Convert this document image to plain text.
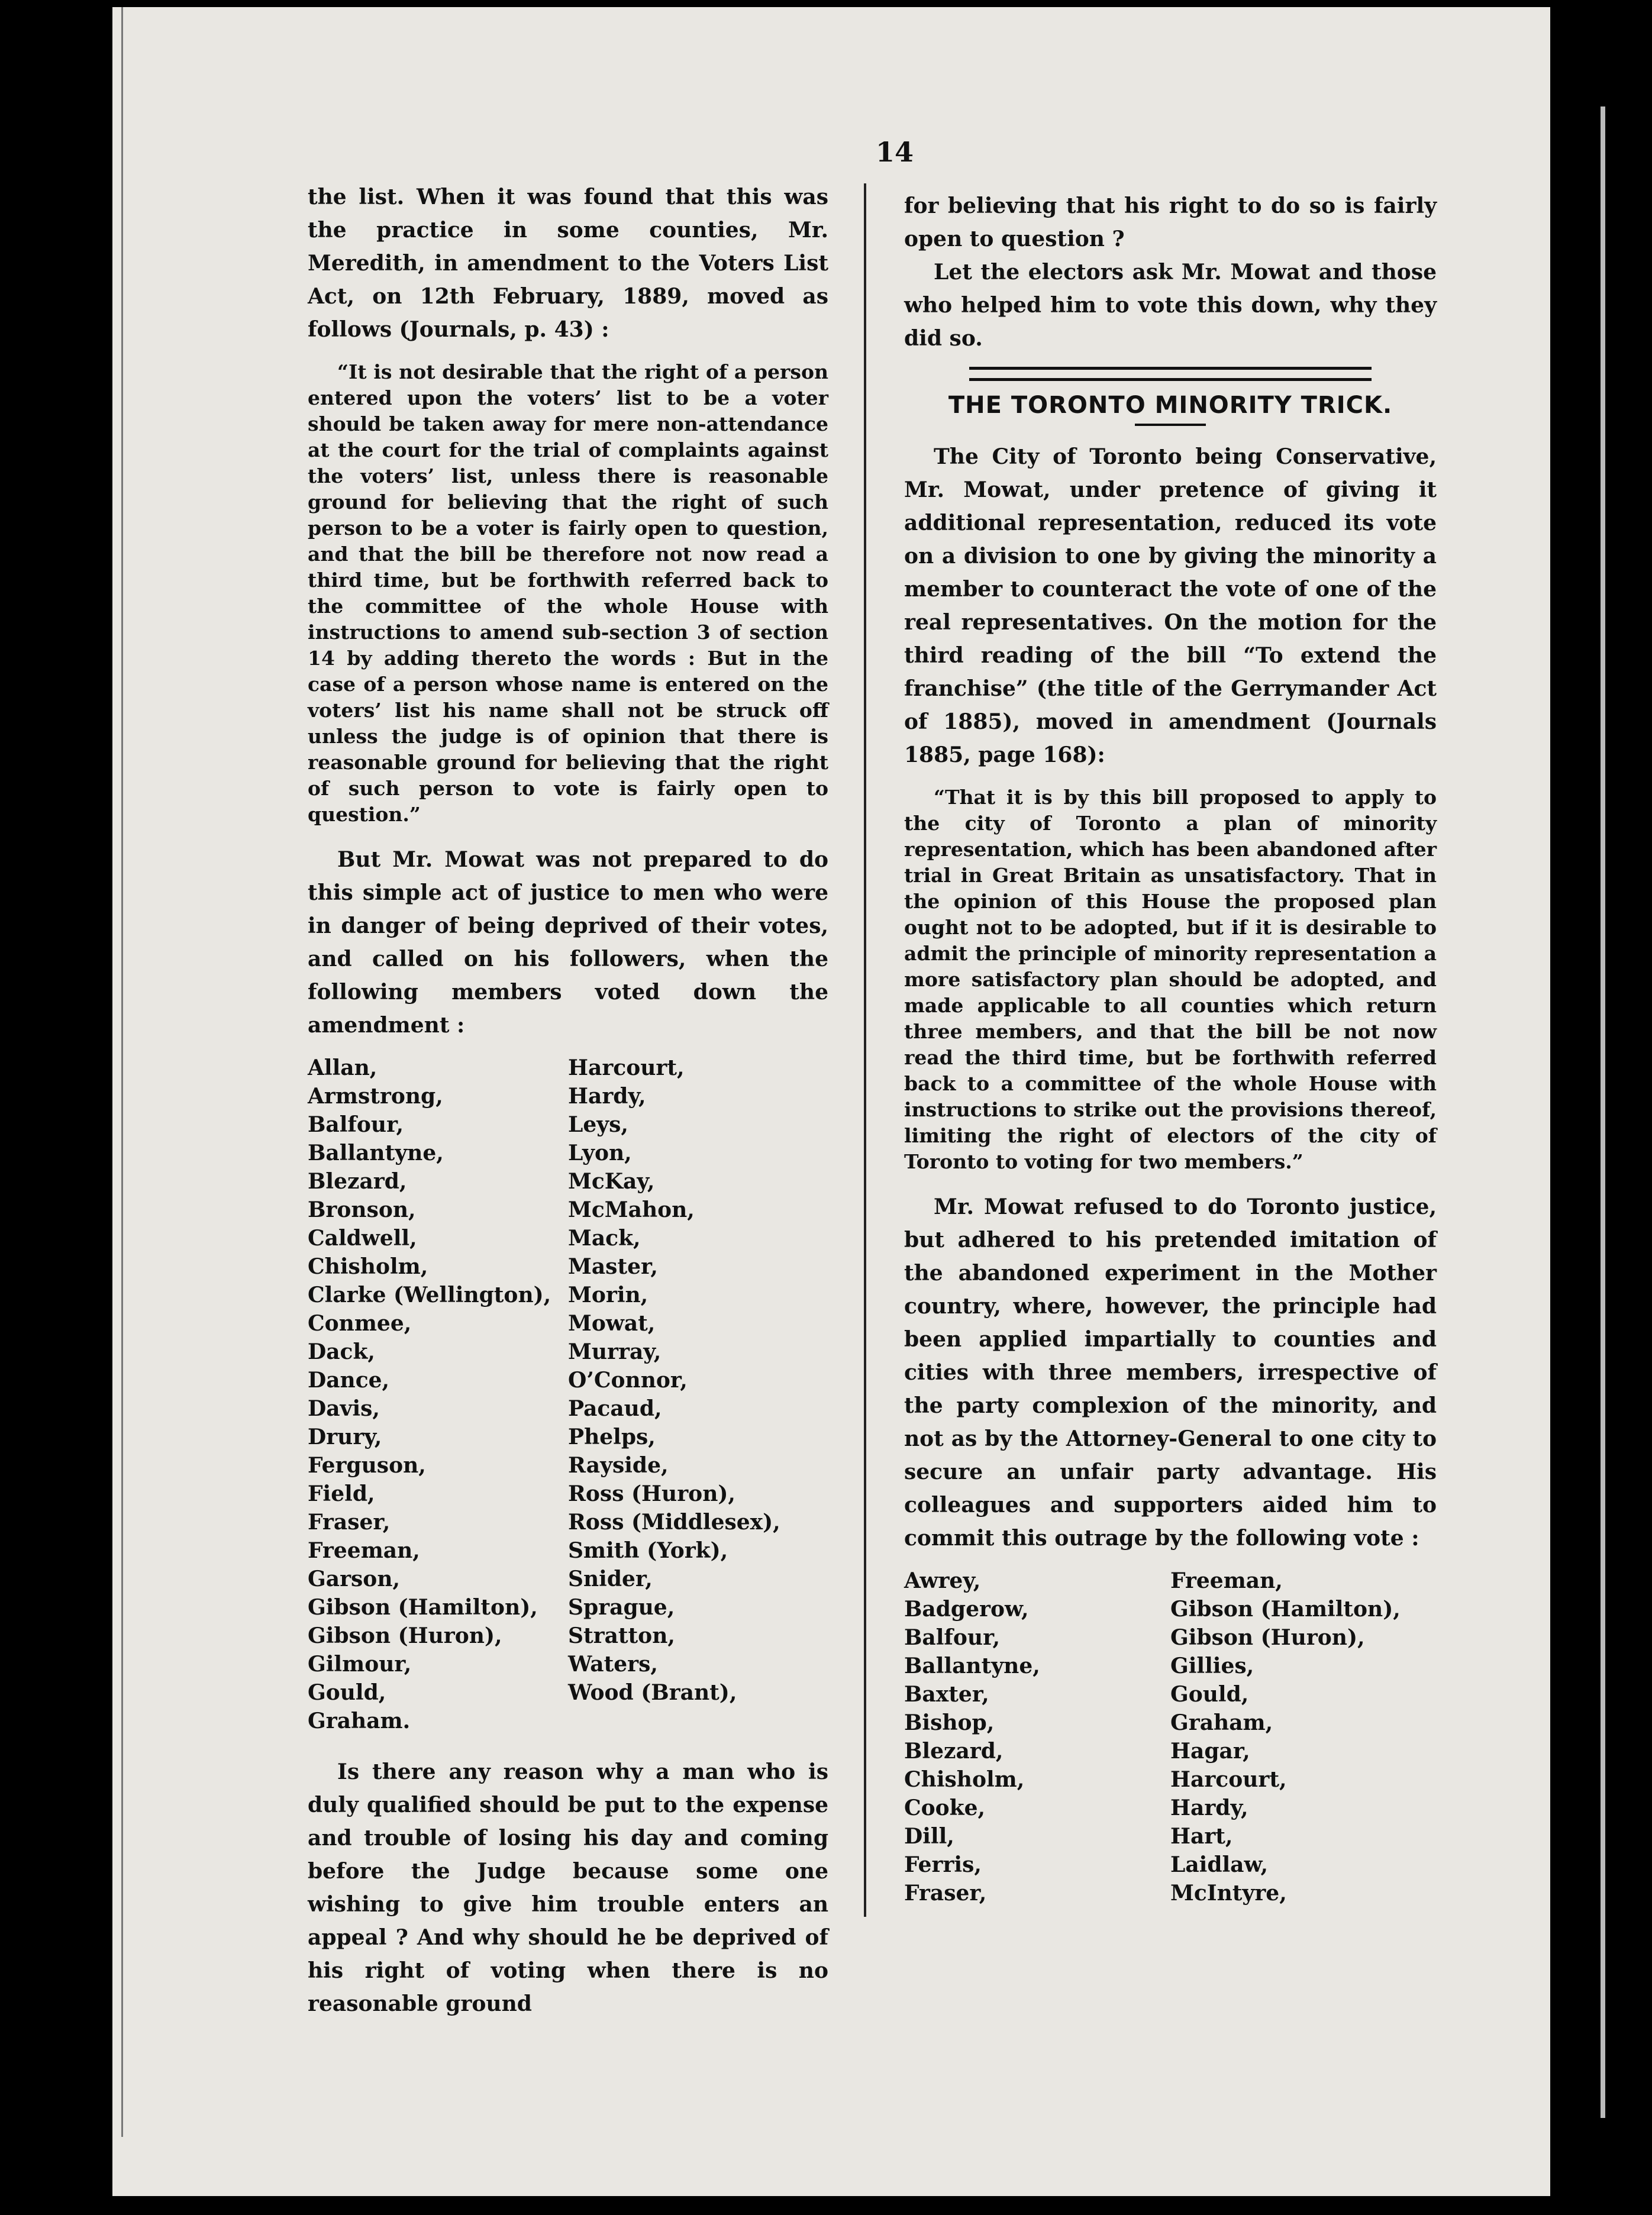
14

the list. When it was found that this was the practice in some counties, Mr. Meredith, in amendment to the Voters List Act, on 12th February, 1889, moved as follows (Journals, p. 43) :

“It is not desirable that the right of a person entered upon the voters’ list to be a voter should be taken away for mere non-attendance at the court for the trial of complaints against the voters’ list, unless there is reasonable ground for believing that the right of such person to be a voter is fairly open to question, and that the bill be therefore not now read a third time, but be forthwith referred back to the committee of the whole House with instructions to amend sub-section 3 of section 14 by adding thereto the words : But in the case of a person whose name is entered on the voters’ list his name shall not be struck off unless the judge is of opinion that there is reasonable ground for believing that the right of such person to vote is fairly open to question.”

But Mr. Mowat was not prepared to do this simple act of justice to men who were in danger of being deprived of their votes, and called on his followers, when the following members voted down the amendment :

Allan,
Armstrong,
Balfour,
Ballantyne,
Blezard,
Bronson,
Caldwell,
Chisholm,
Clarke (Wellington),
Conmee,
Dack,
Dance,
Davis,
Drury,
Ferguson,
Field,
Fraser,
Freeman,
Garson,
Gibson (Hamilton),
Gibson (Huron),
Gilmour,
Gould,
Graham.
Harcourt,
Hardy,
Leys,
Lyon,
McKay,
McMahon,
Mack,
Master,
Morin,
Mowat,
Murray,
O’Connor,
Pacaud,
Phelps,
Rayside,
Ross (Huron),
Ross (Middlesex),
Smith (York),
Snider,
Sprague,
Stratton,
Waters,
Wood (Brant),

Is there any reason why a man who is duly qualified should be put to the expense and trouble of losing his day and coming before the Judge because some one wishing to give him trouble enters an appeal ? And why should he be deprived of his right of voting when there is no reasonable ground

for believing that his right to do so is fairly open to question ?

Let the electors ask Mr. Mowat and those who helped him to vote this down, why they did so.

THE TORONTO MINORITY TRICK.

The City of Toronto being Conservative, Mr. Mowat, under pretence of giving it additional representation, reduced its vote on a division to one by giving the minority a member to counteract the vote of one of the real representatives. On the motion for the third reading of the bill “To extend the franchise” (the title of the Gerrymander Act of 1885), moved in amendment (Journals 1885, page 168):

“That it is by this bill proposed to apply to the city of Toronto a plan of minority representation, which has been abandoned after trial in Great Britain as unsatisfactory. That in the opinion of this House the proposed plan ought not to be adopted, but if it is desirable to admit the principle of minority representation a more satisfactory plan should be adopted, and made applicable to all counties which return three members, and that the bill be not now read the third time, but be forthwith referred back to a committee of the whole House with instructions to strike out the provisions thereof, limiting the right of electors of the city of Toronto to voting for two members.”

Mr. Mowat refused to do Toronto justice, but adhered to his pretended imitation of the abandoned experiment in the Mother country, where, however, the principle had been applied impartially to counties and cities with three members, irrespective of the party complexion of the minority, and not as by the Attorney-General to one city to secure an unfair party advantage. His colleagues and supporters aided him to commit this outrage by the following vote :

Awrey,
Badgerow,
Balfour,
Ballantyne,
Baxter,
Bishop,
Blezard,
Chisholm,
Cooke,
Dill,
Ferris,
Fraser,
Freeman,
Gibson (Hamilton),
Gibson (Huron),
Gillies,
Gould,
Graham,
Hagar,
Harcourt,
Hardy,
Hart,
Laidlaw,
McIntyre,
